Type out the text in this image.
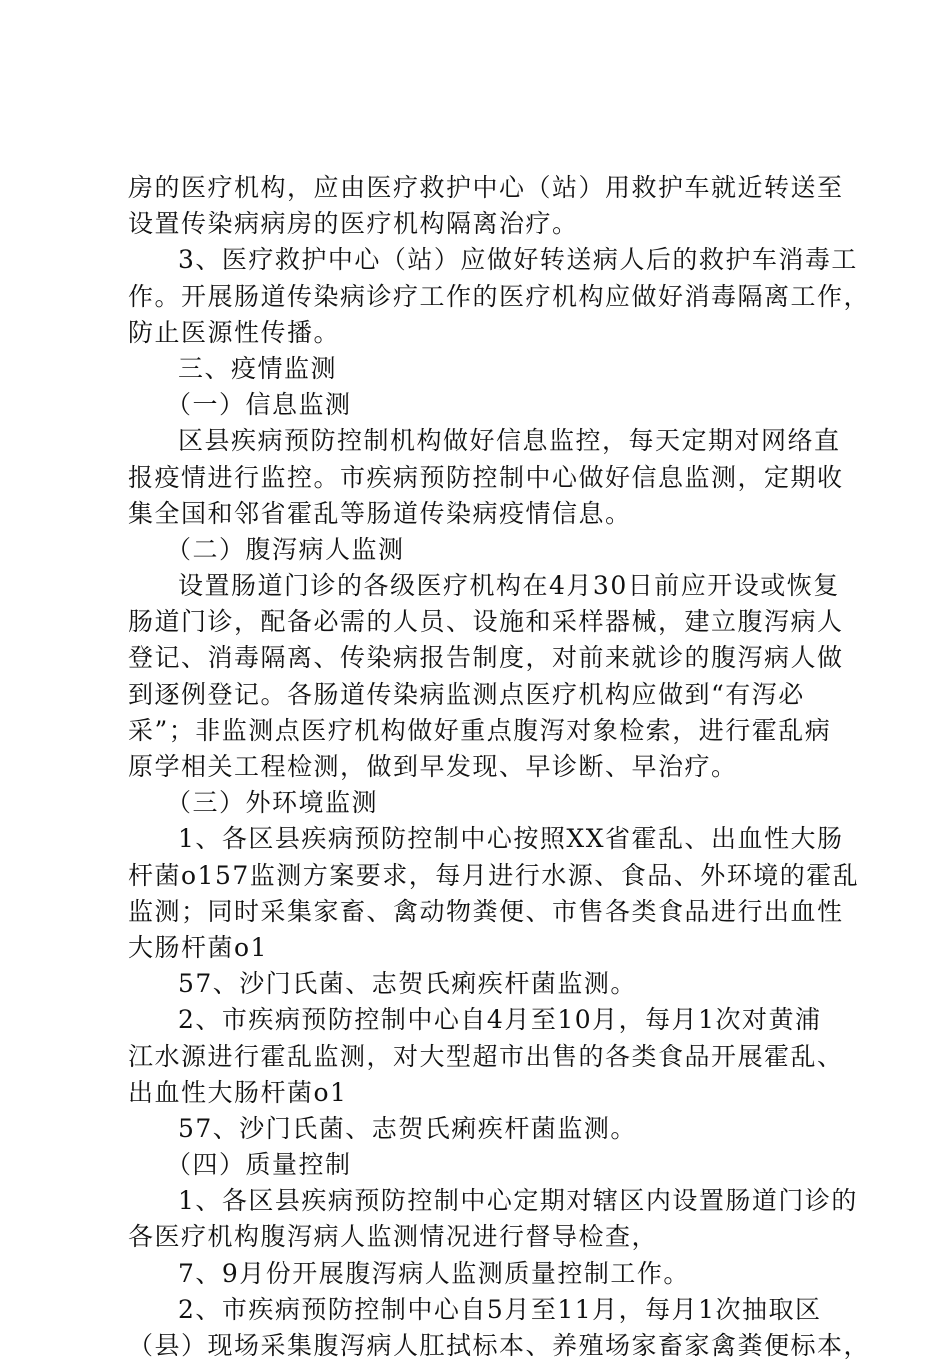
房的医疗机构，应由医疗救护中心（站）用救护车就近转送至
设置传染病病房的医疗机构隔离治疗。
3、医疗救护中心（站）应做好转送病人后的救护车消毒工
作。开展肠道传染病诊疗工作的医疗机构应做好消毒隔离工作，
防止医源性传播。
三、疫情监测
（一）信息监测
区县疾病预防控制机构做好信息监控，每天定期对网络直
报疫情进行监控。市疾病预防控制中心做好信息监测，定期收
集全国和邻省霍乱等肠道传染病疫情信息。
（二）腹泻病人监测
设置肠道门诊的各级医疗机构在4月30日前应开设或恢复
肠道门诊，配备必需的人员、设施和采样器械，建立腹泻病人
登记、消毒隔离、传染病报告制度，对前来就诊的腹泻病人做
到逐例登记。各肠道传染病监测点医疗机构应做到“有泻必
采”；非监测点医疗机构做好重点腹泻对象检索，进行霍乱病
原学相关工程检测，做到早发现、早诊断、早治疗。
（三）外环境监测
1、各区县疾病预防控制中心按照XX省霍乱、出血性大肠
杆菌o157监测方案要求，每月进行水源、食品、外环境的霍乱
监测；同时采集家畜、禽动物粪便、市售各类食品进行出血性
大肠杆菌o1
57、沙门氏菌、志贺氏痢疾杆菌监测。
2、市疾病预防控制中心自4月至10月，每月1次对黄浦
江水源进行霍乱监测，对大型超市出售的各类食品开展霍乱、
出血性大肠杆菌o1
57、沙门氏菌、志贺氏痢疾杆菌监测。
（四）质量控制
1、各区县疾病预防控制中心定期对辖区内设置肠道门诊的
各医疗机构腹泻病人监测情况进行督导检查，
7、9月份开展腹泻病人监测质量控制工作。
2、市疾病预防控制中心自5月至11月，每月1次抽取区
（县）现场采集腹泻病人肛拭标本、养殖场家畜家禽粪便标本，
